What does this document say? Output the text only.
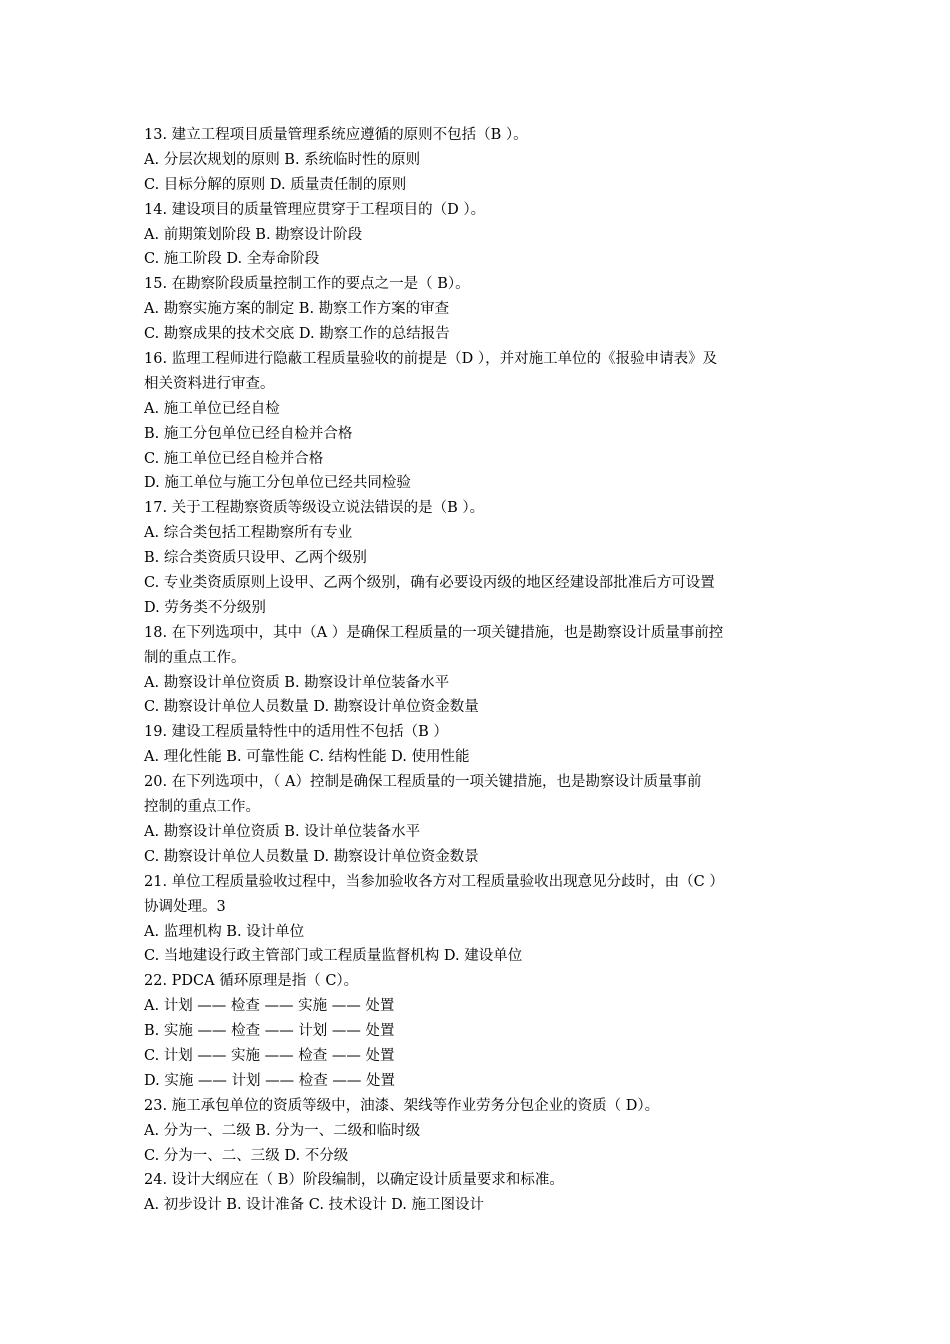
13. 建立工程项目质量管理系统应遵循的原则不包括（B ）。
A. 分层次规划的原则 B. 系统临时性的原则
C. 目标分解的原则 D. 质量责任制的原则
14. 建设项目的质量管理应贯穿于工程项目的（D ）。
A. 前期策划阶段 B. 勘察设计阶段
C. 施工阶段 D. 全寿命阶段
15. 在勘察阶段质量控制工作的要点之一是（ B）。
A. 勘察实施方案的制定 B. 勘察工作方案的审查
C. 勘察成果的技术交底 D. 勘察工作的总结报告
16. 监理工程师进行隐蔽工程质量验收的前提是（D ），并对施工单位的《报验申请表》及
相关资料进行审查。
A. 施工单位已经自检
B. 施工分包单位已经自检并合格
C. 施工单位已经自检并合格
D. 施工单位与施工分包单位已经共同检验
17. 关于工程勘察资质等级设立说法错误的是（B ）。
A. 综合类包括工程勘察所有专业
B. 综合类资质只设甲、乙两个级别
C. 专业类资质原则上设甲、乙两个级别，确有必要设丙级的地区经建设部批准后方可设置
D. 劳务类不分级别
18. 在下列选项中，其中（A ）是确保工程质量的一项关键措施，也是勘察设计质量事前控
制的重点工作。
A. 勘察设计单位资质 B. 勘察设计单位装备水平
C. 勘察设计单位人员数量 D. 勘察设计单位资金数量
19. 建设工程质量特性中的适用性不包括（B ）
A. 理化性能 B. 可靠性能 C. 结构性能 D. 使用性能
20. 在下列选项中，（ A）控制是确保工程质量的一项关键措施，也是勘察设计质量事前
控制的重点工作。
A. 勘察设计单位资质 B. 设计单位装备水平
C. 勘察设计单位人员数量 D. 勘察设计单位资金数景
21. 单位工程质量验收过程中，当参加验收各方对工程质量验收出现意见分歧时，由（C ）
协调处理。3
A. 监理机构 B. 设计单位
C. 当地建设行政主管部门或工程质量监督机构 D. 建设单位
22. PDCA 循环原理是指（ C）。
A. 计划 —— 检查 —— 实施 —— 处置
B. 实施 —— 检查 —— 计划 —— 处置
C. 计划 —— 实施 —— 检查 —— 处置
D. 实施 —— 计划 —— 检查 —— 处置
23. 施工承包单位的资质等级中，油漆、架线等作业劳务分包企业的资质（ D）。
A. 分为一、二级 B. 分为一、二级和临时级
C. 分为一、二、三级 D. 不分级
24. 设计大纲应在（ B）阶段编制，以确定设计质量要求和标准。
A. 初步设计 B. 设计准备 C. 技术设计 D. 施工图设计
